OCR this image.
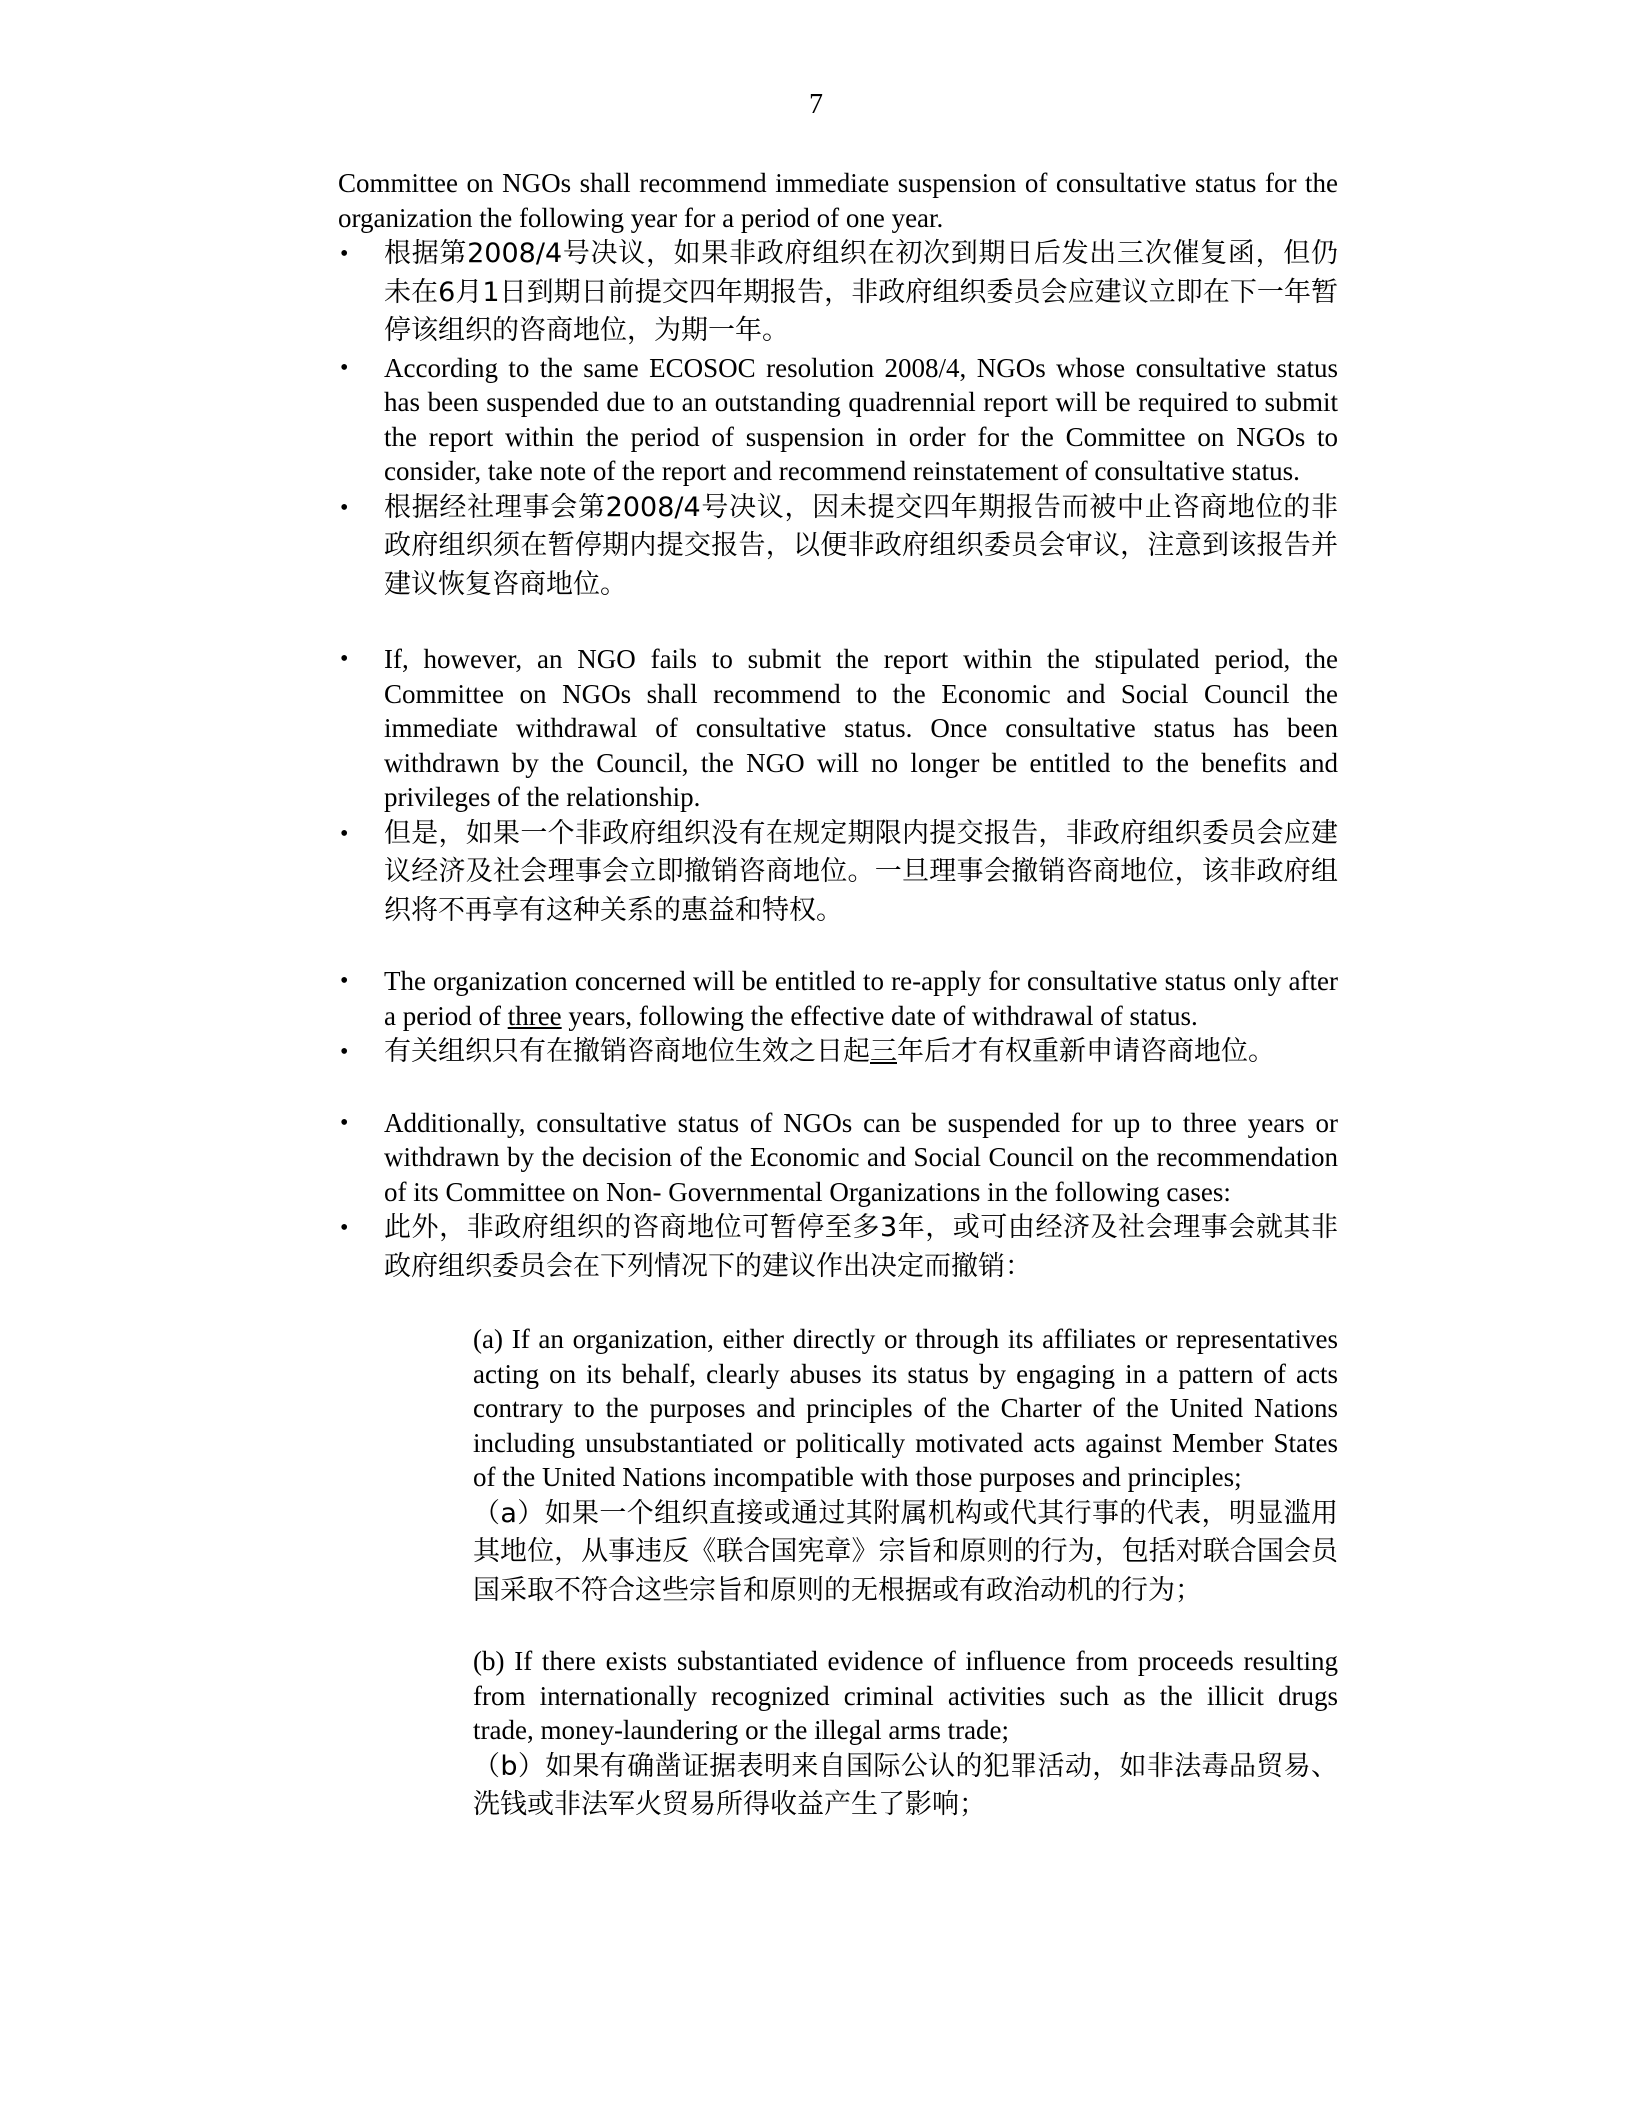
7

Committee on NGOs shall recommend immediate suspension of consultative status for the organization the following year for a period of one year.

• 根据第2008/4号决议，如果非政府组织在初次到期日后发出三次催复函，但仍未在6月1日到期日前提交四年期报告，非政府组织委员会应建议立即在下一年暂停该组织的咨商地位，为期一年。

• According to the same ECOSOC resolution 2008/4, NGOs whose consultative status has been suspended due to an outstanding quadrennial report will be required to submit the report within the period of suspension in order for the Committee on NGOs to consider, take note of the report and recommend reinstatement of consultative status.

• 根据经社理事会第2008/4号决议，因未提交四年期报告而被中止咨商地位的非政府组织须在暂停期内提交报告，以便非政府组织委员会审议，注意到该报告并建议恢复咨商地位。

• If, however, an NGO fails to submit the report within the stipulated period, the Committee on NGOs shall recommend to the Economic and Social Council the immediate withdrawal of consultative status. Once consultative status has been withdrawn by the Council, the NGO will no longer be entitled to the benefits and privileges of the relationship.

• 但是，如果一个非政府组织没有在规定期限内提交报告，非政府组织委员会应建议经济及社会理事会立即撤销咨商地位。一旦理事会撤销咨商地位，该非政府组织将不再享有这种关系的惠益和特权。

• The organization concerned will be entitled to re-apply for consultative status only after a period of three years, following the effective date of withdrawal of status.

• 有关组织只有在撤销咨商地位生效之日起三年后才有权重新申请咨商地位。

• Additionally, consultative status of NGOs can be suspended for up to three years or withdrawn by the decision of the Economic and Social Council on the recommendation of its Committee on Non- Governmental Organizations in the following cases:

• 此外，非政府组织的咨商地位可暂停至多3年，或可由经济及社会理事会就其非政府组织委员会在下列情况下的建议作出决定而撤销：

(a) If an organization, either directly or through its affiliates or representatives acting on its behalf, clearly abuses its status by engaging in a pattern of acts contrary to the purposes and principles of the Charter of the United Nations including unsubstantiated or politically motivated acts against Member States of the United Nations incompatible with those purposes and principles;

（a）如果一个组织直接或通过其附属机构或代其行事的代表，明显滥用其地位，从事违反《联合国宪章》宗旨和原则的行为，包括对联合国会员国采取不符合这些宗旨和原则的无根据或有政治动机的行为；

(b) If there exists substantiated evidence of influence from proceeds resulting from internationally recognized criminal activities such as the illicit drugs trade, money-laundering or the illegal arms trade;

（b）如果有确凿证据表明来自国际公认的犯罪活动，如非法毒品贸易、洗钱或非法军火贸易所得收益产生了影响；
